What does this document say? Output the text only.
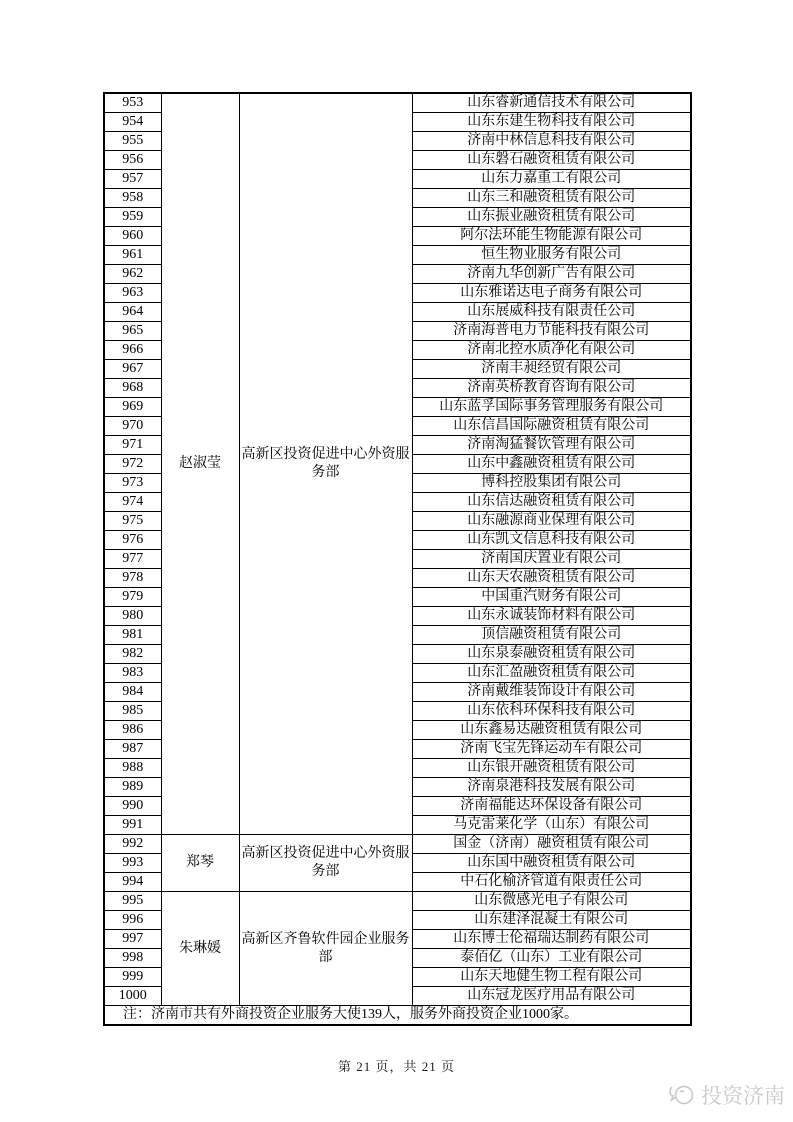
953	赵淑莹	高新区投资促进中心外资服务部	山东睿新通信技术有限公司
954			山东东建生物科技有限公司
955			济南中林信息科技有限公司
956			山东磐石融资租赁有限公司
957			山东力嘉重工有限公司
958			山东三和融资租赁有限公司
959			山东振业融资租赁有限公司
960			阿尔法环能生物能源有限公司
961			恒生物业服务有限公司
962			济南九华创新广告有限公司
963			山东雅诺达电子商务有限公司
964			山东展威科技有限责任公司
965			济南海普电力节能科技有限公司
966			济南北控水质净化有限公司
967			济南丰昶经贸有限公司
968			济南英桥教育咨询有限公司
969			山东蓝孚国际事务管理服务有限公司
970			山东信昌国际融资租赁有限公司
971			济南淘猛餐饮管理有限公司
972			山东中鑫融资租赁有限公司
973			博科控股集团有限公司
974			山东信达融资租赁有限公司
975			山东融源商业保理有限公司
976			山东凯文信息科技有限公司
977			济南国庆置业有限公司
978			山东天农融资租赁有限公司
979			中国重汽财务有限公司
980			山东永诚装饰材料有限公司
981			顶信融资租赁有限公司
982			山东泉泰融资租赁有限公司
983			山东汇盈融资租赁有限公司
984			济南戴维装饰设计有限公司
985			山东依科环保科技有限公司
986			山东鑫易达融资租赁有限公司
987			济南飞宝先锋运动车有限公司
988			山东银开融资租赁有限公司
989			济南泉港科技发展有限公司
990			济南福能达环保设备有限公司
991			马克雷莱化学（山东）有限公司
992	郑琴	高新区投资促进中心外资服务部	国金（济南）融资租赁有限公司
993			山东国中融资租赁有限公司
994			中石化榆济管道有限责任公司
995	朱琳媛	高新区齐鲁软件园企业服务部	山东微感光电子有限公司
996			山东建泽混凝土有限公司
997			山东博士伦福瑞达制药有限公司
998			泰佰亿（山东）工业有限公司
999			山东天地健生物工程有限公司
1000			山东冠龙医疗用品有限公司
注：济南市共有外商投资企业服务大使139人，服务外商投资企业1000家。			
第 21 页，共 21 页
投资济南
